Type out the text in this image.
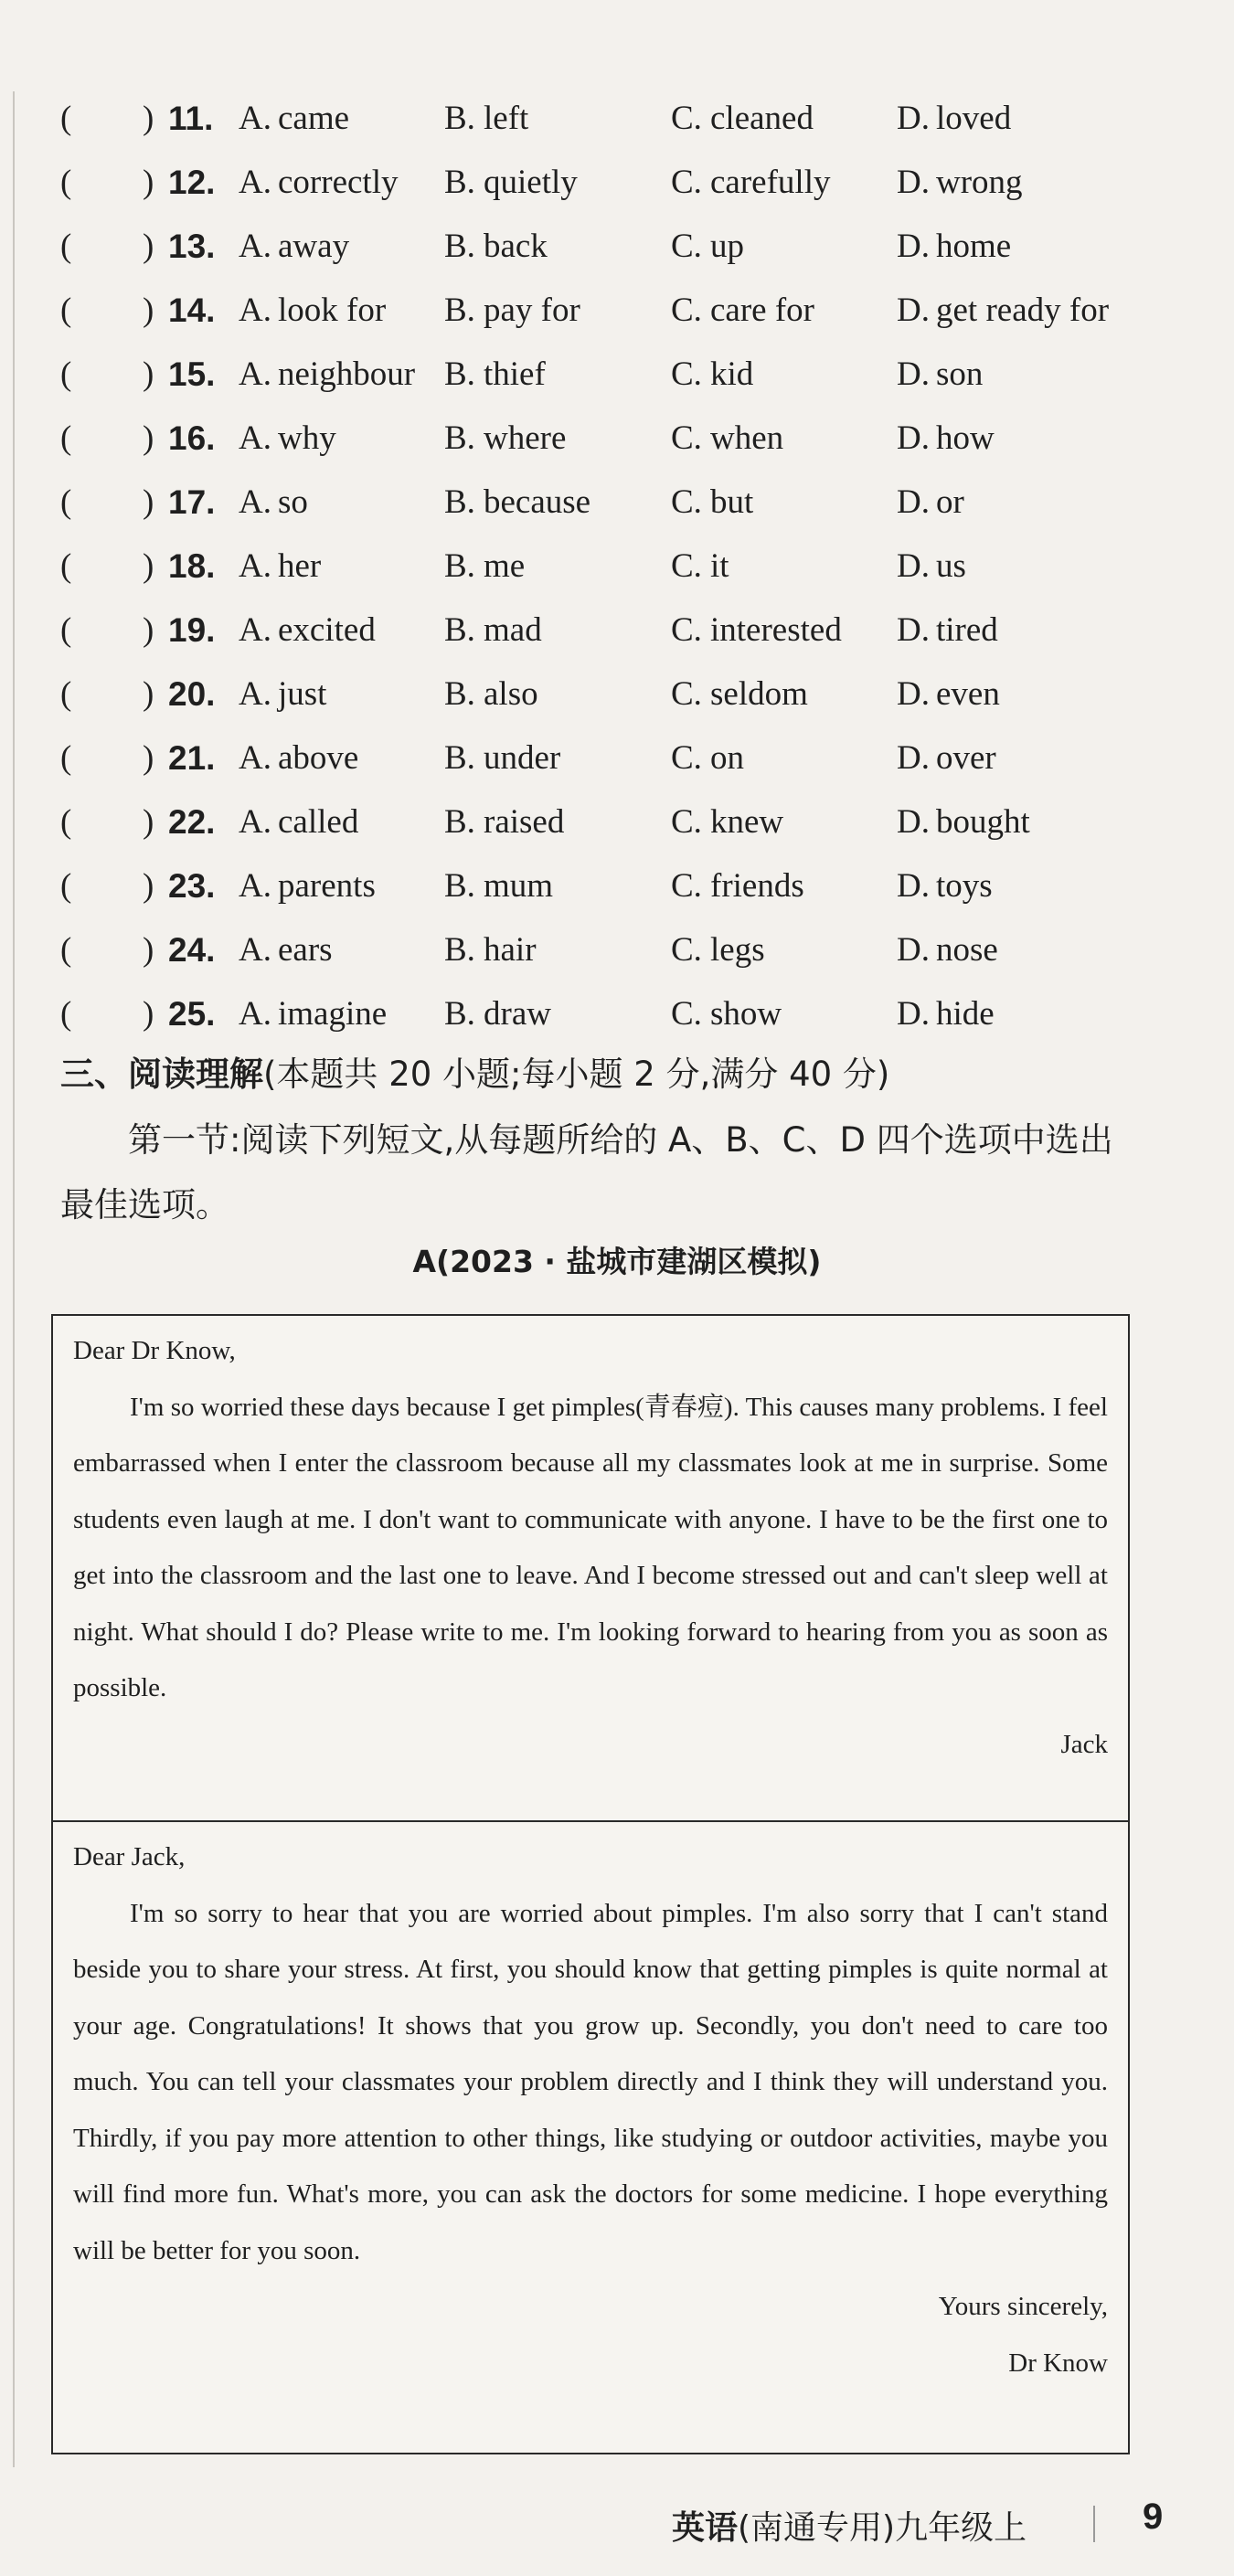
( ) 11. A. came	B. left	C. cleaned D. loved
( ) 12. A. correctly B. quietly	C. carefully D. wrong
( ) 13. A. away	B. back	C. up	D. home
( ) 14. A. look for B. pay for	C. care for D. get ready for
( ) 15. A. neighbour B. thief	C. kid	D. son
( ) 16. A. why	B. where	C. when	D. how
( ) 17. A. so	B. because C. but	D. or
( ) 18. A. her	B. me	C. it	D. us
( ) 19. A. excited B. mad	C. interested D. tired
( ) 20. A. just	B. also	C. seldom	D. even
( ) 21. A. above	B. under	C. on	D. over
( ) 22. A. called	B. raised	C. knew	D. bought
( ) 23. A. parents B. mum	C. friends	D. toys
( ) 24. A. ears	B. hair	C. legs	D. nose
( ) 25. A. imagine B. draw	C. show	D. hide
三、阅读理解(本题共 20 小题;每小题 2 分,满分 40 分)
第一节:阅读下列短文,从每题所给的 A、B、C、D 四个选项中选出
最佳选项。
A(2023 · 盐城市建湖区模拟)
Dear Dr Know,

I'm so worried these days because I get pimples(青春痘). This causes many problems. I feel embarrassed when I enter the classroom because all my classmates look at me in surprise. Some students even laugh at me. I don't want to communicate with anyone. I have to be the first one to get into the classroom and the last one to leave. And I become stressed out and can't sleep well at night. What should I do? Please write to me. I'm looking forward to hearing from you as soon as possible.

Jack
Dear Jack,

I'm so sorry to hear that you are worried about pimples. I'm also sorry that I can't stand beside you to share your stress. At first, you should know that getting pimples is quite normal at your age. Congratulations! It shows that you grow up. Secondly, you don't need to care too much. You can tell your classmates your problem directly and I think they will understand you. Thirdly, if you pay more attention to other things, like studying or outdoor activities, maybe you will find more fun. What's more, you can ask the doctors for some medicine. I hope everything will be better for you soon.

Yours sincerely,
Dr Know
英语(南通专用)九年级上	9
